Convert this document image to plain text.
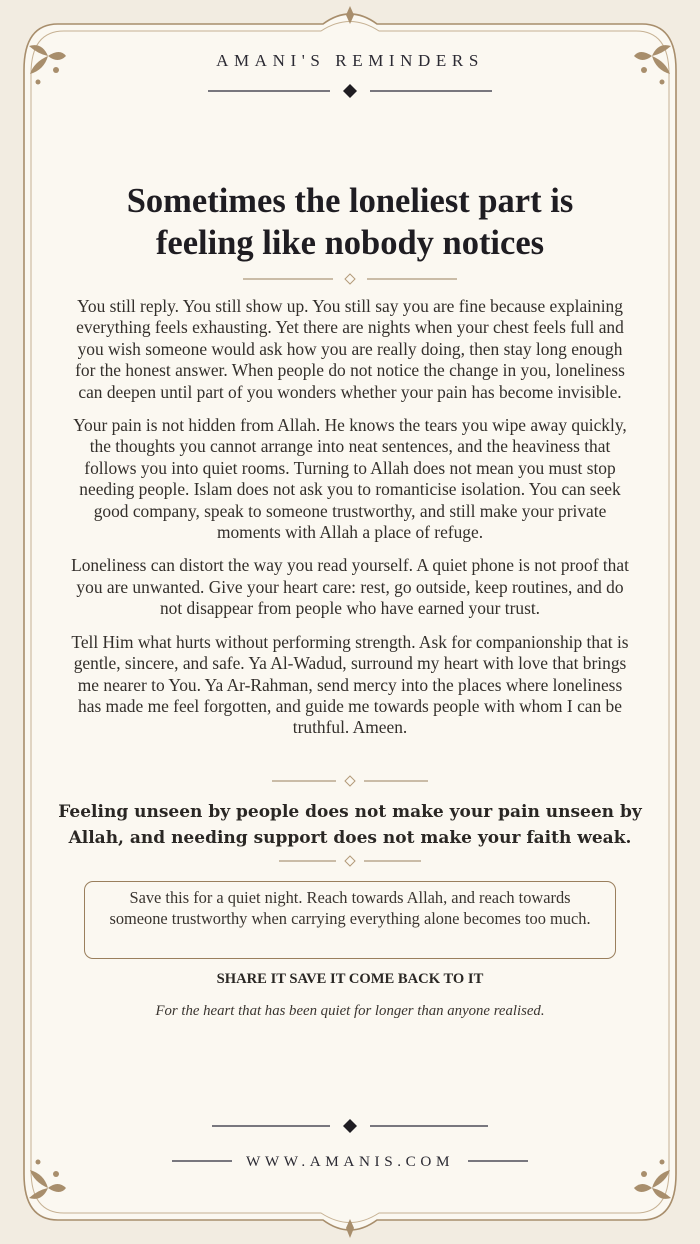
AMANI'S REMINDERS
Sometimes the loneliest part is
feeling like nobody notices

You still reply. You still show up. You still say you are fine because explaining everything feels exhausting. Yet there are nights when your chest feels full and you wish someone would ask how you are really doing, then stay long enough for the honest answer. When people do not notice the change in you, loneliness can deepen until part of you wonders whether your pain has become invisible.

Your pain is not hidden from Allah. He knows the tears you wipe away quickly, the thoughts you cannot arrange into neat sentences, and the heaviness that follows you into quiet rooms. Turning to Allah does not mean you must stop needing people. Islam does not ask you to romanticise isolation. You can seek good company, speak to someone trustworthy, and still make your private moments with Allah a place of refuge.

Loneliness can distort the way you read yourself. A quiet phone is not proof that you are unwanted. Give your heart care: rest, go outside, keep routines, and do not disappear from people who have earned your trust.

Tell Him what hurts without performing strength. Ask for companionship that is gentle, sincere, and safe. Ya Al-Wadud, surround my heart with love that brings me nearer to You. Ya Ar-Rahman, send mercy into the places where loneliness has made me feel forgotten, and guide me towards people with whom I can be truthful. Ameen.

Feeling unseen by people does not make your pain unseen by
Allah, and needing support does not make your faith weak.
Save this for a quiet night. Reach towards Allah, and reach towards someone trustworthy when carrying everything alone becomes too much.
SHARE IT SAVE IT COME BACK TO IT
For the heart that has been quiet for longer than anyone realised.
WWW.AMANIS.COM
